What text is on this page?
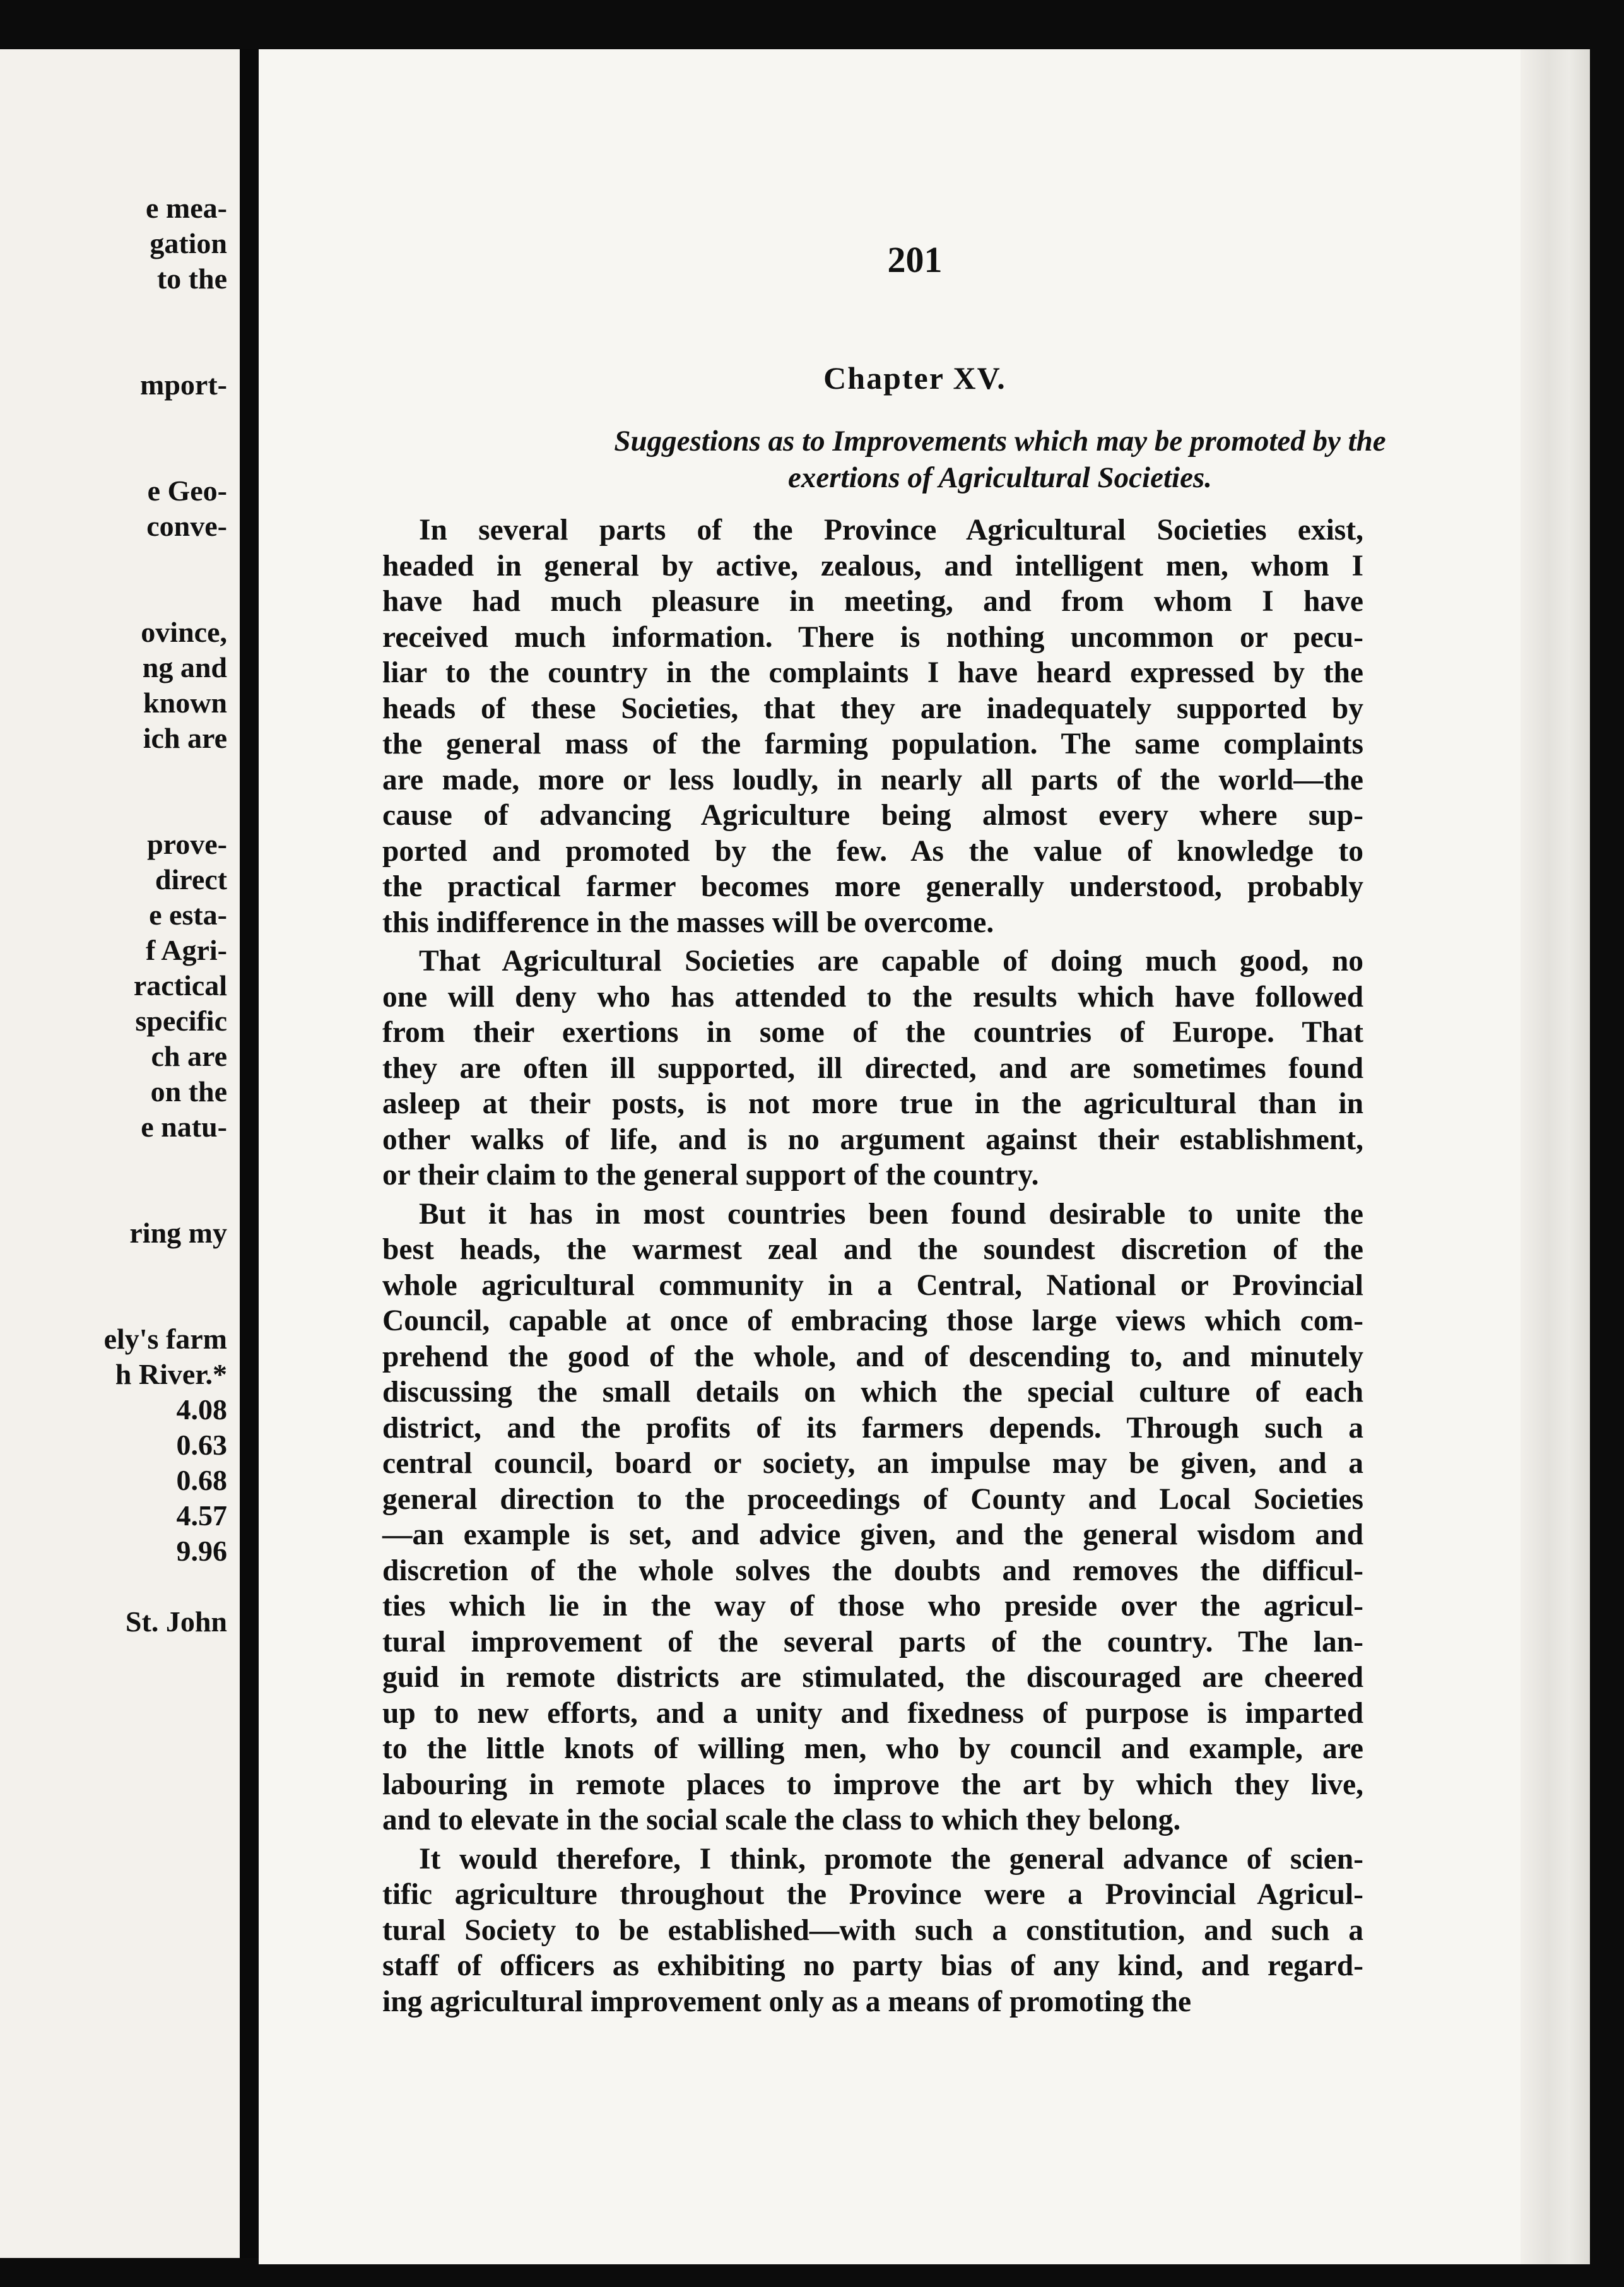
e mea-
gation
to the
mport-
e Geo-
conve-
ovince,
ng and
known
ich are
prove-
direct
e esta-
f Agri-
ractical
specific
ch are
on the
e natu-
ring my
ely's farm
h River.*
4.08
0.63
0.68
4.57
9.96
St. John
201
Chapter XV.
Suggestions as to Improvements which may be promoted by the
exertions of Agricultural Societies.
In several parts of the Province Agricultural Societies exist,
headed in general by active, zealous, and intelligent men, whom I
have had much pleasure in meeting, and from whom I have
received much information. There is nothing uncommon or pecu-
liar to the country in the complaints I have heard expressed by the
heads of these Societies, that they are inadequately supported by
the general mass of the farming population. The same complaints
are made, more or less loudly, in nearly all parts of the world—the
cause of advancing Agriculture being almost every where sup-
ported and promoted by the few. As the value of knowledge to
the practical farmer becomes more generally understood, probably
this indifference in the masses will be overcome.
That Agricultural Societies are capable of doing much good, no
one will deny who has attended to the results which have followed
from their exertions in some of the countries of Europe. That
they are often ill supported, ill directed, and are sometimes found
asleep at their posts, is not more true in the agricultural than in
other walks of life, and is no argument against their establishment,
or their claim to the general support of the country.
But it has in most countries been found desirable to unite the
best heads, the warmest zeal and the soundest discretion of the
whole agricultural community in a Central, National or Provincial
Council, capable at once of embracing those large views which com-
prehend the good of the whole, and of descending to, and minutely
discussing the small details on which the special culture of each
district, and the profits of its farmers depends. Through such a
central council, board or society, an impulse may be given, and a
general direction to the proceedings of County and Local Societies
—an example is set, and advice given, and the general wisdom and
discretion of the whole solves the doubts and removes the difficul-
ties which lie in the way of those who preside over the agricul-
tural improvement of the several parts of the country. The lan-
guid in remote districts are stimulated, the discouraged are cheered
up to new efforts, and a unity and fixedness of purpose is imparted
to the little knots of willing men, who by council and example, are
labouring in remote places to improve the art by which they live,
and to elevate in the social scale the class to which they belong.
It would therefore, I think, promote the general advance of scien-
tific agriculture throughout the Province were a Provincial Agricul-
tural Society to be established—with such a constitution, and such a
staff of officers as exhibiting no party bias of any kind, and regard-
ing agricultural improvement only as a means of promoting the
